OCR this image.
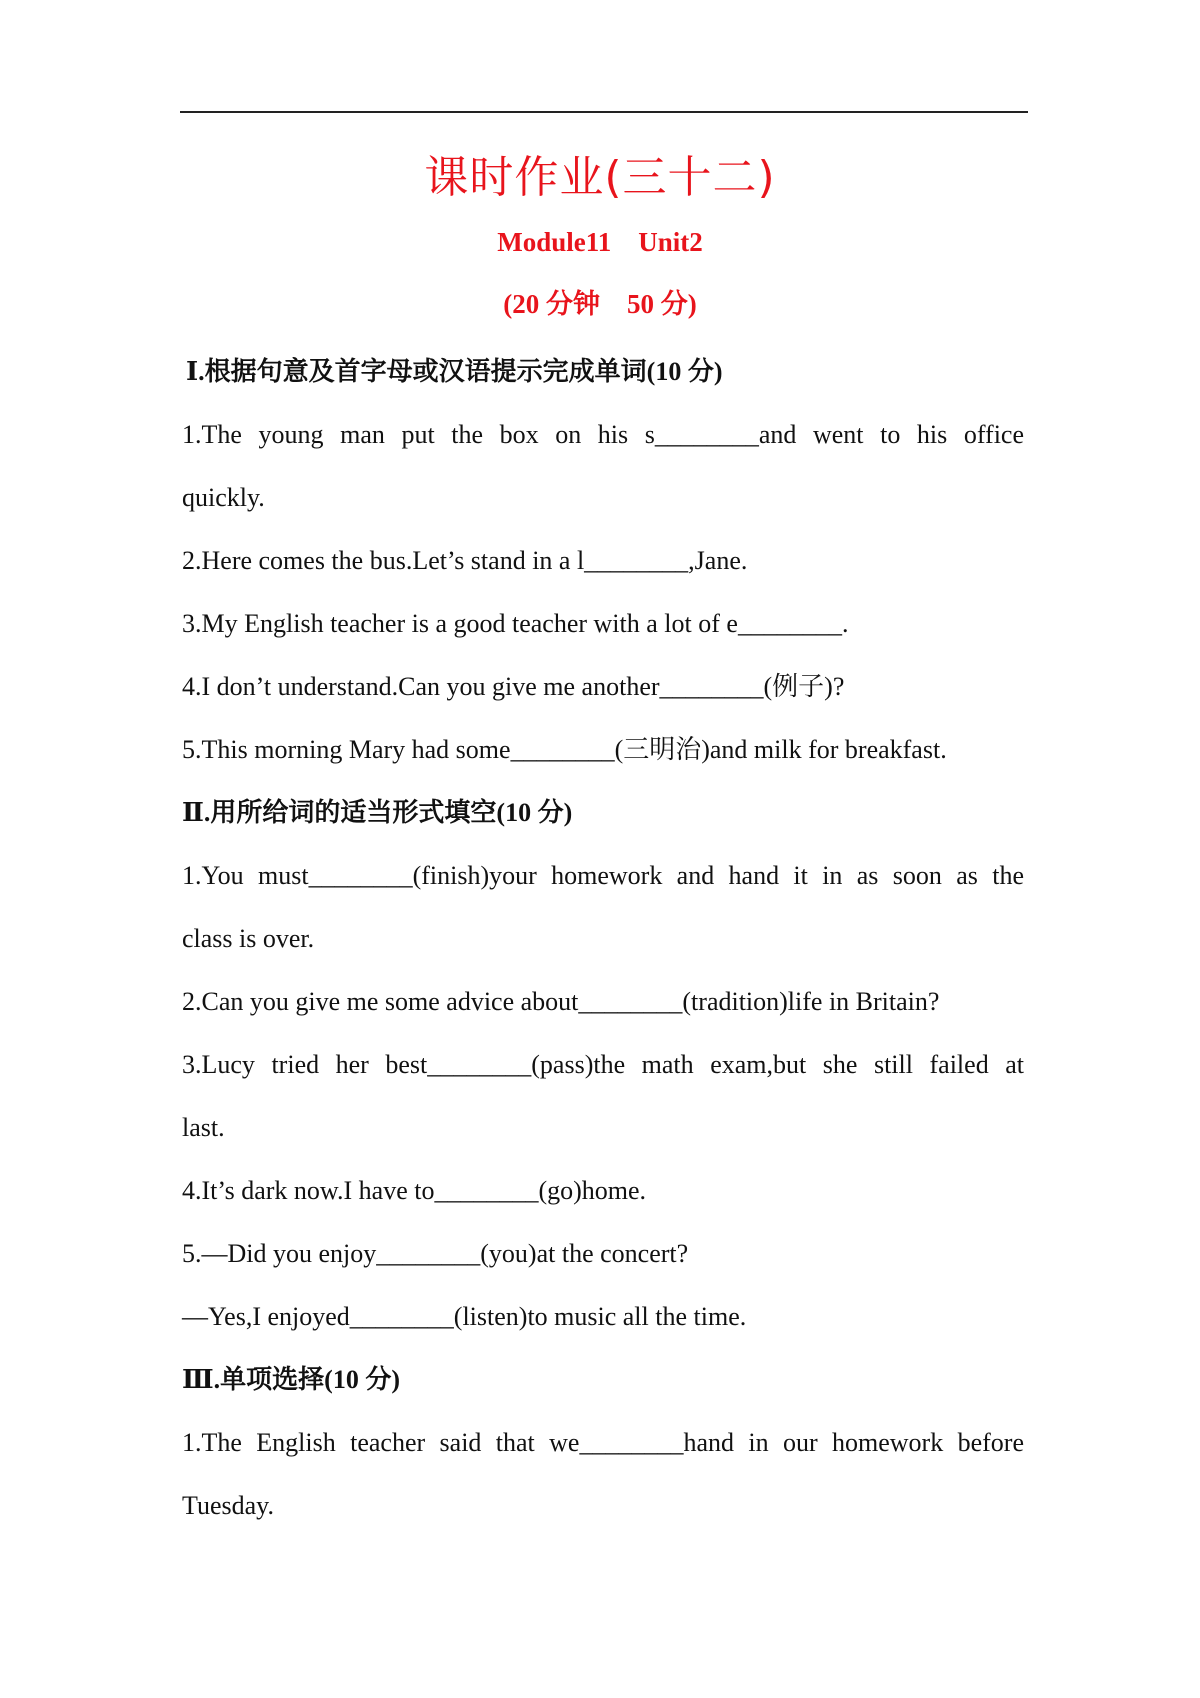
课时作业(三十二)
Module11    Unit2
(20 分钟    50 分)
Ⅰ.根据句意及首字母或汉语提示完成单词(10 分)
1.The young man put the box on his s________and went to his office
quickly.
2.Here comes the bus.Let’s stand in a l________,Jane.
3.My English teacher is a good teacher with a lot of e________.
4.I don’t understand.Can you give me another________(例子)?
5.This morning Mary had some________(三明治)and milk for breakfast.
Ⅱ.用所给词的适当形式填空(10 分)
1.You must________(finish)your homework and hand it in as soon as the
class is over.
2.Can you give me some advice about________(tradition)life in Britain?
3.Lucy tried her best________(pass)the math exam,but she still failed at
last.
4.It’s dark now.I have to________(go)home.
5.—Did you enjoy________(you)at the concert?
—Yes,I enjoyed________(listen)to music all the time.
Ⅲ.单项选择(10 分)
1.The English teacher said that we________hand in our homework before
Tuesday.
